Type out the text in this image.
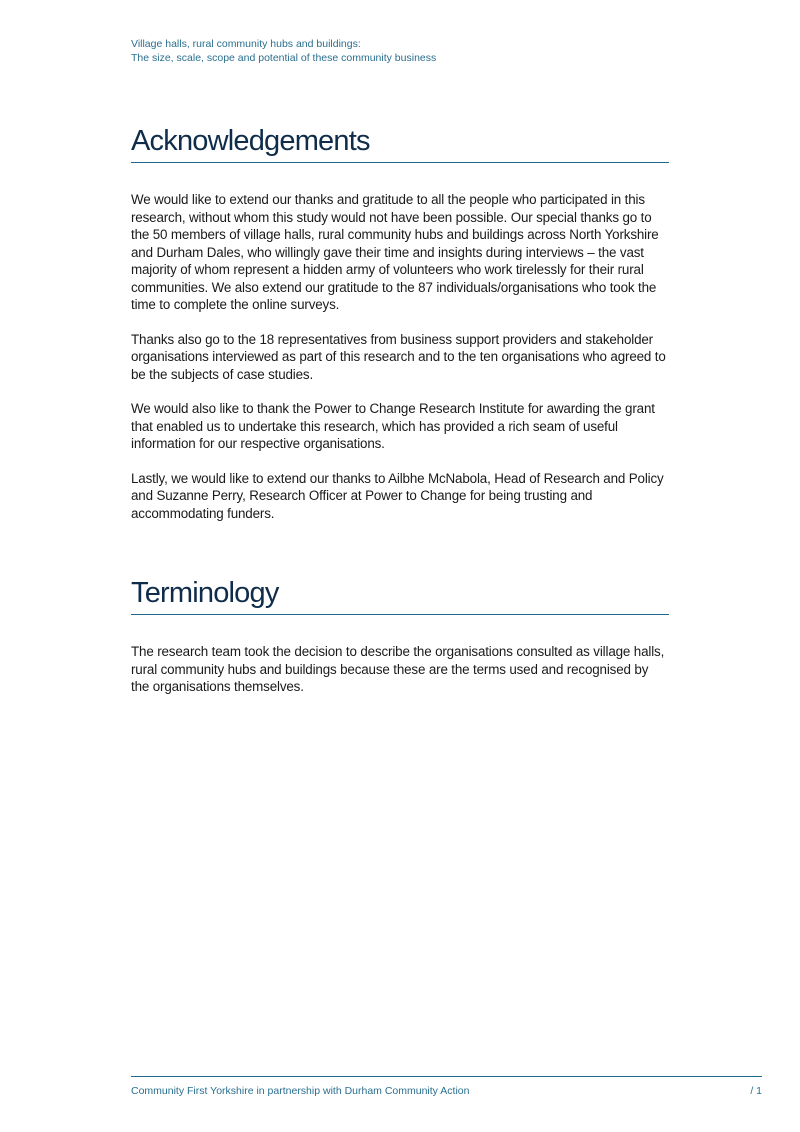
Village halls, rural community hubs and buildings:
The size, scale, scope and potential of these community business
Acknowledgements

We would like to extend our thanks and gratitude to all the people who participated in this research, without whom this study would not have been possible. Our special thanks go to the 50 members of village halls, rural community hubs and buildings across North Yorkshire and Durham Dales, who willingly gave their time and insights during interviews – the vast majority of whom represent a hidden army of volunteers who work tirelessly for their rural communities. We also extend our gratitude to the 87 individuals/organisations who took the time to complete the online surveys.

Thanks also go to the 18 representatives from business support providers and stakeholder organisations interviewed as part of this research and to the ten organisations who agreed to be the subjects of case studies.

We would also like to thank the Power to Change Research Institute for awarding the grant that enabled us to undertake this research, which has provided a rich seam of useful information for our respective organisations.

Lastly, we would like to extend our thanks to Ailbhe McNabola, Head of Research and Policy and Suzanne Perry, Research Officer at Power to Change for being trusting and accommodating funders.

Terminology

The research team took the decision to describe the organisations consulted as village halls, rural community hubs and buildings because these are the terms used and recognised by the organisations themselves.

Community First Yorkshire in partnership with Durham Community Action	/ 1
